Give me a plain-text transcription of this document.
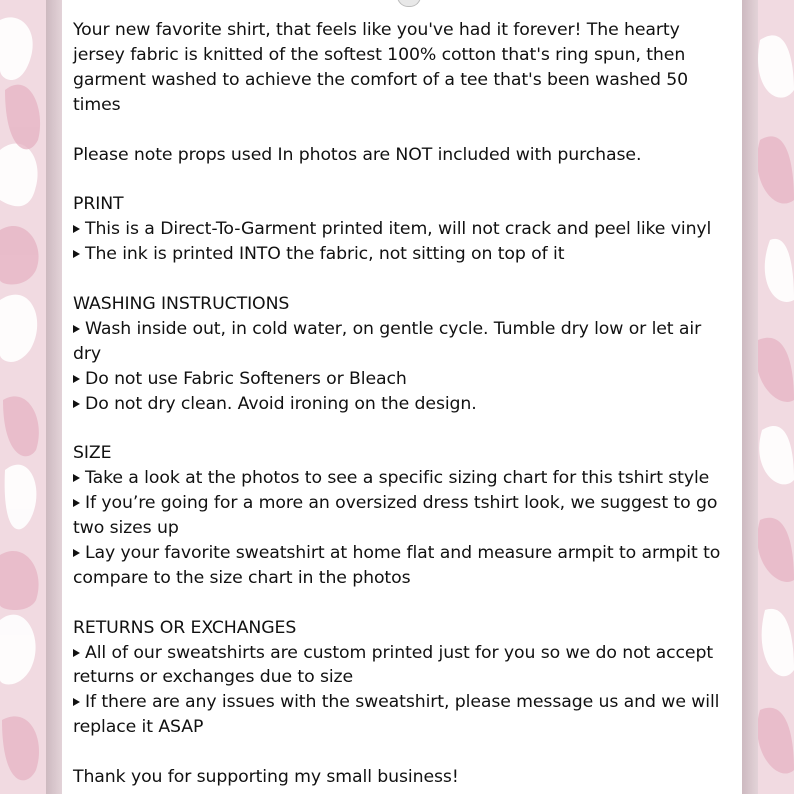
Your new favorite shirt, that feels like you've had it forever! The hearty jersey fabric is knitted of the softest 100% cotton that's ring spun, then garment washed to achieve the comfort of a tee that's been washed 50 times

Please note props used In photos are NOT included with purchase.

PRINT

This is a Direct-To-Garment printed item, will not crack and peel like vinyl

The ink is printed INTO the fabric, not sitting on top of it

WASHING INSTRUCTIONS

Wash inside out, in cold water, on gentle cycle. Tumble dry low or let air dry

Do not use Fabric Softeners or Bleach

Do not dry clean. Avoid ironing on the design.

SIZE

Take a look at the photos to see a specific sizing chart for this tshirt style

If you’re going for a more an oversized dress tshirt look, we suggest to go two sizes up

Lay your favorite sweatshirt at home flat and measure armpit to armpit to compare to the size chart in the photos

RETURNS OR EXCHANGES

All of our sweatshirts are custom printed just for you so we do not accept returns or exchanges due to size

If there are any issues with the sweatshirt, please message us and we will replace it ASAP

Thank you for supporting my small business!
